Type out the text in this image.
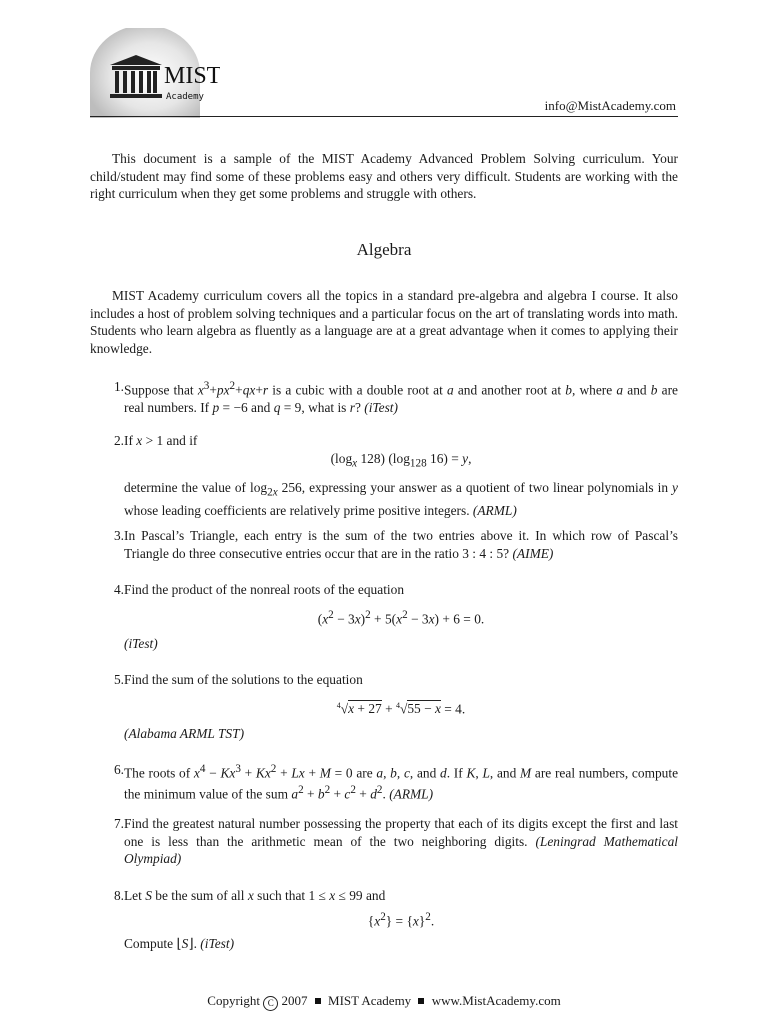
MIST
Academy
info@MistAcademy.com
This document is a sample of the MIST Academy Advanced Problem Solving curriculum. Your child/student may find some of these problems easy and others very difficult. Students are working with the right curriculum when they get some problems and struggle with others.
Algebra
MIST Academy curriculum covers all the topics in a standard pre-algebra and algebra I course. It also includes a host of problem solving techniques and a particular focus on the art of translating words into math. Students who learn algebra as fluently as a language are at a great advantage when it comes to applying their knowledge.
1. Suppose that $x^3+px^2+qx+r$ is a cubic with a double root at a and another root at b, where a and b are real numbers. If p = −6 and q = 9, what is r? (iTest)
2. If x > 1 and if
($\log_x$ 128) ($\log_{128}$ 16) = y,
determine the value of $\log_{2x} 256$, expressing your answer as a quotient of two linear polynomials in y whose leading coefficients are relatively prime positive integers. (ARML)
3. In Pascal’s Triangle, each entry is the sum of the two entries above it. In which row of Pascal’s Triangle do three consecutive entries occur that are in the ratio 3 : 4 : 5? (AIME)
4. Find the product of the nonreal roots of the equation
$(x^2 - 3x)^2 + 5(x^2 - 3x) + 6 = 0$.
(iTest)
5. Find the sum of the solutions to the equation
$^4$√x + 27 + $^4$√55 − x = 4.
(Alabama ARML TST)
6. The roots of $x^4 - Kx^3 + Kx^2 + Lx + M = 0$ are a, b, c, and d. If K, L, and M are real numbers, compute the minimum value of the sum $a^2 + b^2 + c^2 + d^2$. (ARML)
7. Find the greatest natural number possessing the property that each of its digits except the first and last one is less than the arithmetic mean of the two neighboring digits. (Leningrad Mathematical Olympiad)
8. Let S be the sum of all x such that 1 ≤ x ≤ 99 and
$\{x^2\} = \{x\}^2$.
Compute ⌊S⌋. (iTest)
Copyright C 2007 MIST Academy www.MistAcademy.com
